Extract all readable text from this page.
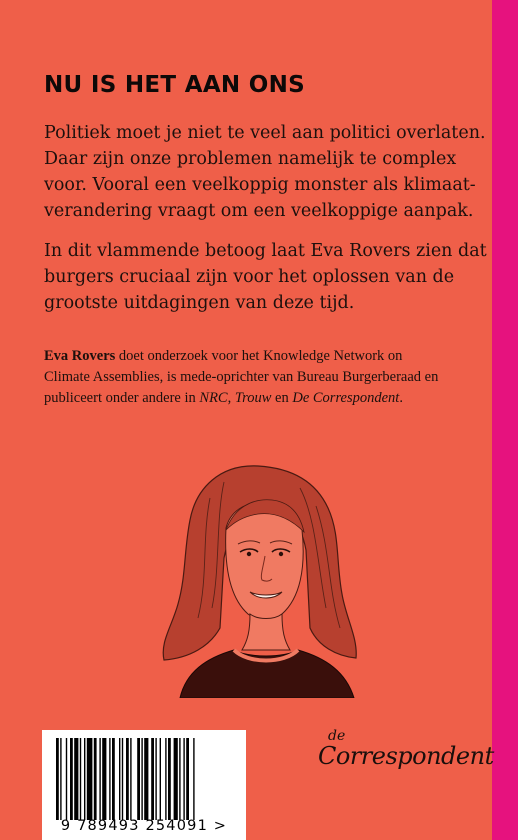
NU IS HET AAN ONS
Politiek moet je niet te veel aan politici overlaten.
Daar zijn onze problemen namelijk te complex
voor. Vooral een veelkoppig monster als klimaat-
verandering vraagt om een veelkoppige aanpak.
In dit vlammende betoog laat Eva Rovers zien dat
burgers cruciaal zijn voor het oplossen van de
grootste uitdagingen van deze tijd.
Eva Rovers doet onderzoek voor het Knowledge Network on
Climate Assemblies, is mede-oprichter van Bureau Burgerberaad en
publiceert onder andere in NRC, Trouw en De Correspondent.
9 789493 254091 >
de
Correspondent
